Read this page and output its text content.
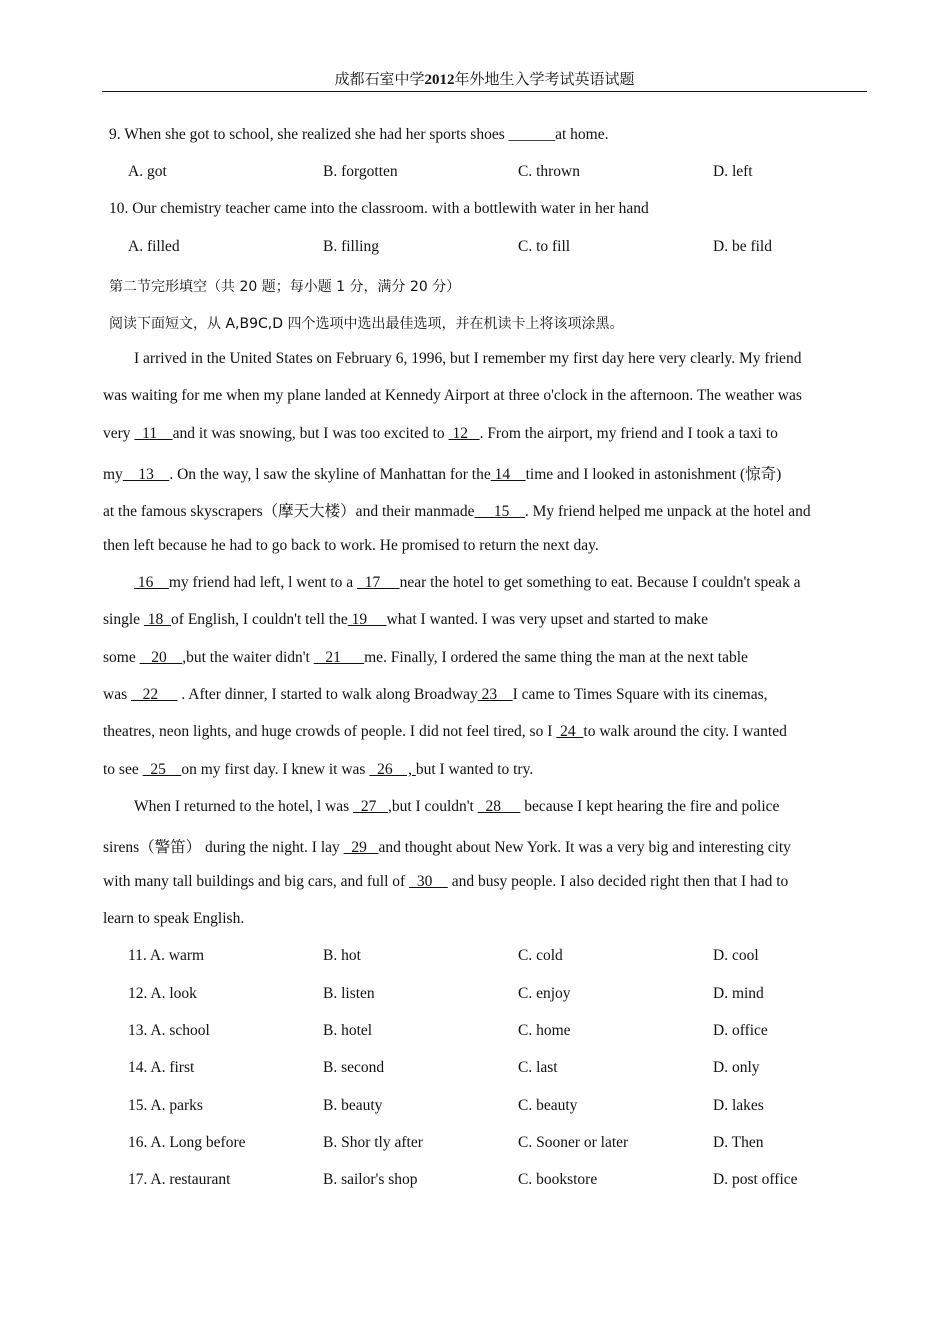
成都石室中学2012年外地生入学考试英语试题
9. When she got to school, she realized she had her sports shoes ______at home.
A. got	B. forgotten	C. thrown	D. left
10. Our chemistry teacher came into the classroom. with a bottlewith water in her hand
A. filled	B. filling	C. to fill	D. be fild
第二节完形填空（共 20 题；每小题 1 分，满分 20 分）
阅读下面短文，从 A,B9C,D 四个选项中选出最佳选项，并在机读卡上将该项涂黑。
I arrived in the United States on February 6, 1996, but I remember my first day here very clearly. My friend
was waiting for me when my plane landed at Kennedy Airport at three o'clock in the afternoon. The weather was
very   11    and it was snowing, but I was too excited to  12   . From the airport, my friend and I took a taxi to
my    13    . On the way, l saw the skyline of Manhattan for the 14    time and I looked in astonishment (惊奇)
at the famous skyscrapers（摩天大楼）and their manmade     15    . My friend helped me unpack at the hotel and
then left because he had to go back to work. He promised to return the next day.
16    my friend had left, l went to a   17     near the hotel to get something to eat. Because I couldn't speak a
single  18  of English, I couldn't tell the 19     what I wanted. I was very upset and started to make
some    20    ,but the waiter didn't    21      me. Finally, I ordered the same thing the man at the next table
was    22      . After dinner, I started to walk along Broadway 23    I came to Times Square with its cinemas,
theatres, neon lights, and huge crowds of people. I did not feel tired, so I  24  to walk around the city. I wanted
to see   25    on my first day. I knew it was   26    , but I wanted to try.
When I returned to the hotel, l was   27   ,but I couldn't   28      because I kept hearing the fire and police
sirens（警笛） during the night. I lay   29   and thought about New York. It was a very big and interesting city
with many tall buildings and big cars, and full of   30     and busy people. I also decided right then that I had to
learn to speak English.
11. A. warm	B. hot	C. cold	D. cool
12. A. look	B. listen	C. enjoy	D. mind
13. A. school	B. hotel	C. home	D. office
14. A. first	B. second	C. last	D. only
15. A. parks	B. beauty	C. beauty	D. lakes
16. A. Long before	B. Shor tly after	C. Sooner or later	D. Then
17. A. restaurant	B. sailor's shop	C. bookstore	D. post office
